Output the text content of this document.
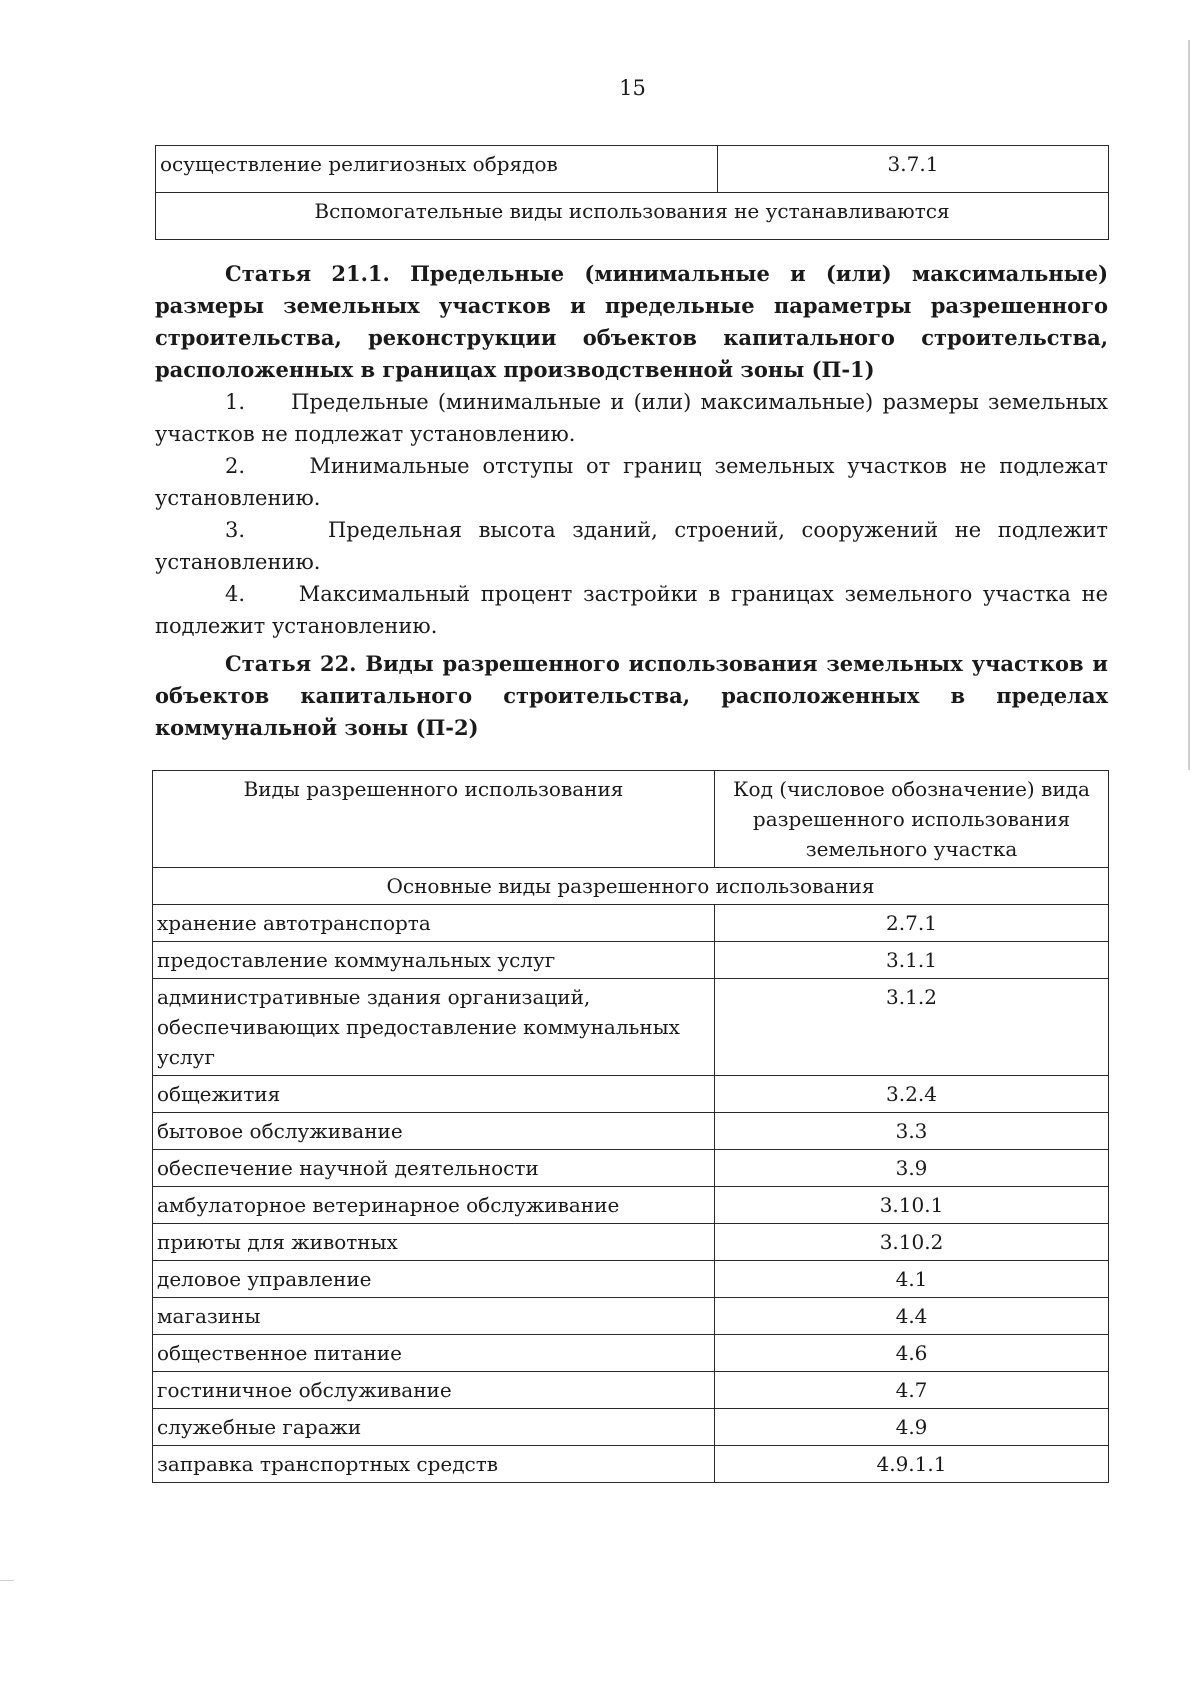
15
осуществление религиозных обрядов	3.7.1
Вспомогательные виды использования не устанавливаются
Статья 21.1. Предельные (минимальные и (или) максимальные) размеры земельных участков и предельные параметры разрешенного строительства, реконструкции объектов капитального строительства, расположенных в границах производственной зоны (П-1)
1.     Предельные (минимальные и (или) максимальные) размеры земельных участков не подлежат установлению.
2.     Минимальные отступы от границ земельных участков не подлежат установлению.
3.     Предельная высота зданий, строений, сооружений не подлежит установлению.
4.     Максимальный процент застройки в границах земельного участка не подлежит установлению.
Статья 22. Виды разрешенного использования земельных участков и объектов капитального строительства, расположенных в пределах коммунальной зоны (П-2)
Виды разрешенного использования	Код (числовое обозначение) вида разрешенного использования земельного участка
Основные виды разрешенного использования	
хранение автотранспорта	2.7.1
предоставление коммунальных услуг	3.1.1
административные здания организаций, обеспечивающих предоставление коммунальных услуг	3.1.2
общежития	3.2.4
бытовое обслуживание	3.3
обеспечение научной деятельности	3.9
амбулаторное ветеринарное обслуживание	3.10.1
приюты для животных	3.10.2
деловое управление	4.1
магазины	4.4
общественное питание	4.6
гостиничное обслуживание	4.7
служебные гаражи	4.9
заправка транспортных средств	4.9.1.1
